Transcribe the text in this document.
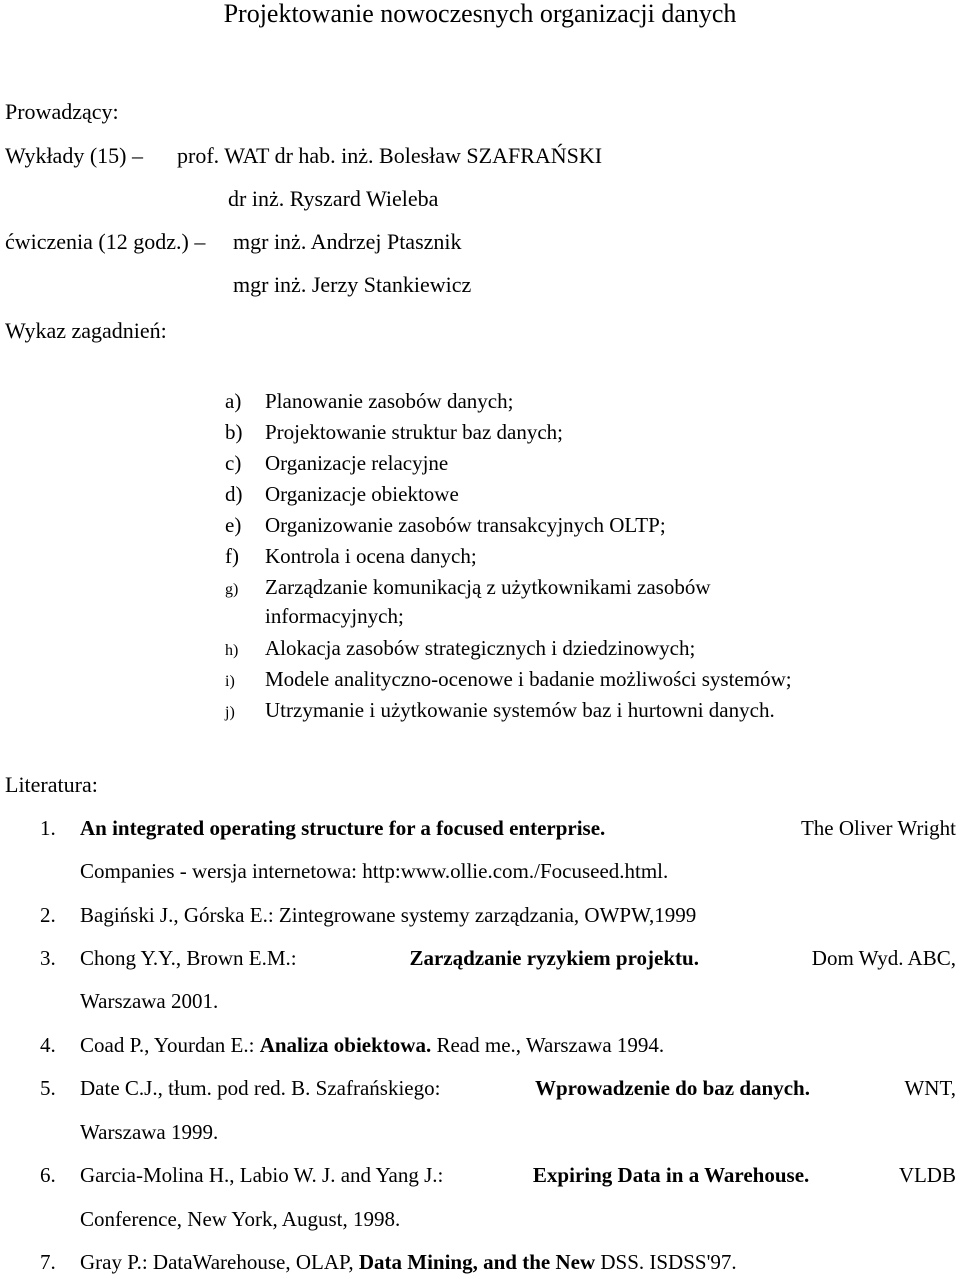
Projektowanie nowoczesnych organizacji danych
Prowadzący:
Wykłady (15) – prof. WAT dr hab. inż. Bolesław SZAFRAŃSKI
dr inż. Ryszard Wieleba
ćwiczenia (12 godz.) – mgr inż. Andrzej Ptasznik
mgr inż. Jerzy Stankiewicz
Wykaz zagadnień:
a) Planowanie zasobów danych;
b) Projektowanie struktur baz danych;
c) Organizacje relacyjne
d) Organizacje obiektowe
e) Organizowanie zasobów transakcyjnych OLTP;
f) Kontrola i ocena danych;
g) Zarządzanie komunikacją z użytkownikami zasobów
informacyjnych;
h) Alokacja zasobów strategicznych i dziedzinowych;
i) Modele analityczno-ocenowe i badanie możliwości systemów;
j) Utrzymanie i użytkowanie systemów baz i hurtowni danych.
Literatura:
1. An integrated operating structure for a focused enterprise.	The Oliver Wright
Companies - wersja internetowa: http:www.ollie.com./Focuseed.html.
2. Bagiński J., Górska E.: Zintegrowane systemy zarządzania, OWPW,1999
3. Chong Y.Y., Brown E.M.:	Zarządzanie ryzykiem projektu.	Dom Wyd. ABC,
Warszawa 2001.
4. Coad P., Yourdan E.: Analiza obiektowa. Read me., Warszawa 1994.
5. Date C.J., tłum. pod red. B. Szafrańskiego:	Wprowadzenie do baz danych.	WNT,
Warszawa 1999.
6. Garcia-Molina H., Labio W. J. and Yang J.:	Expiring Data in a Warehouse.	VLDB
Conference, New York, August, 1998.
7. Gray P.: DataWarehouse, OLAP, Data Mining, and the New DSS. ISDSS'97.
